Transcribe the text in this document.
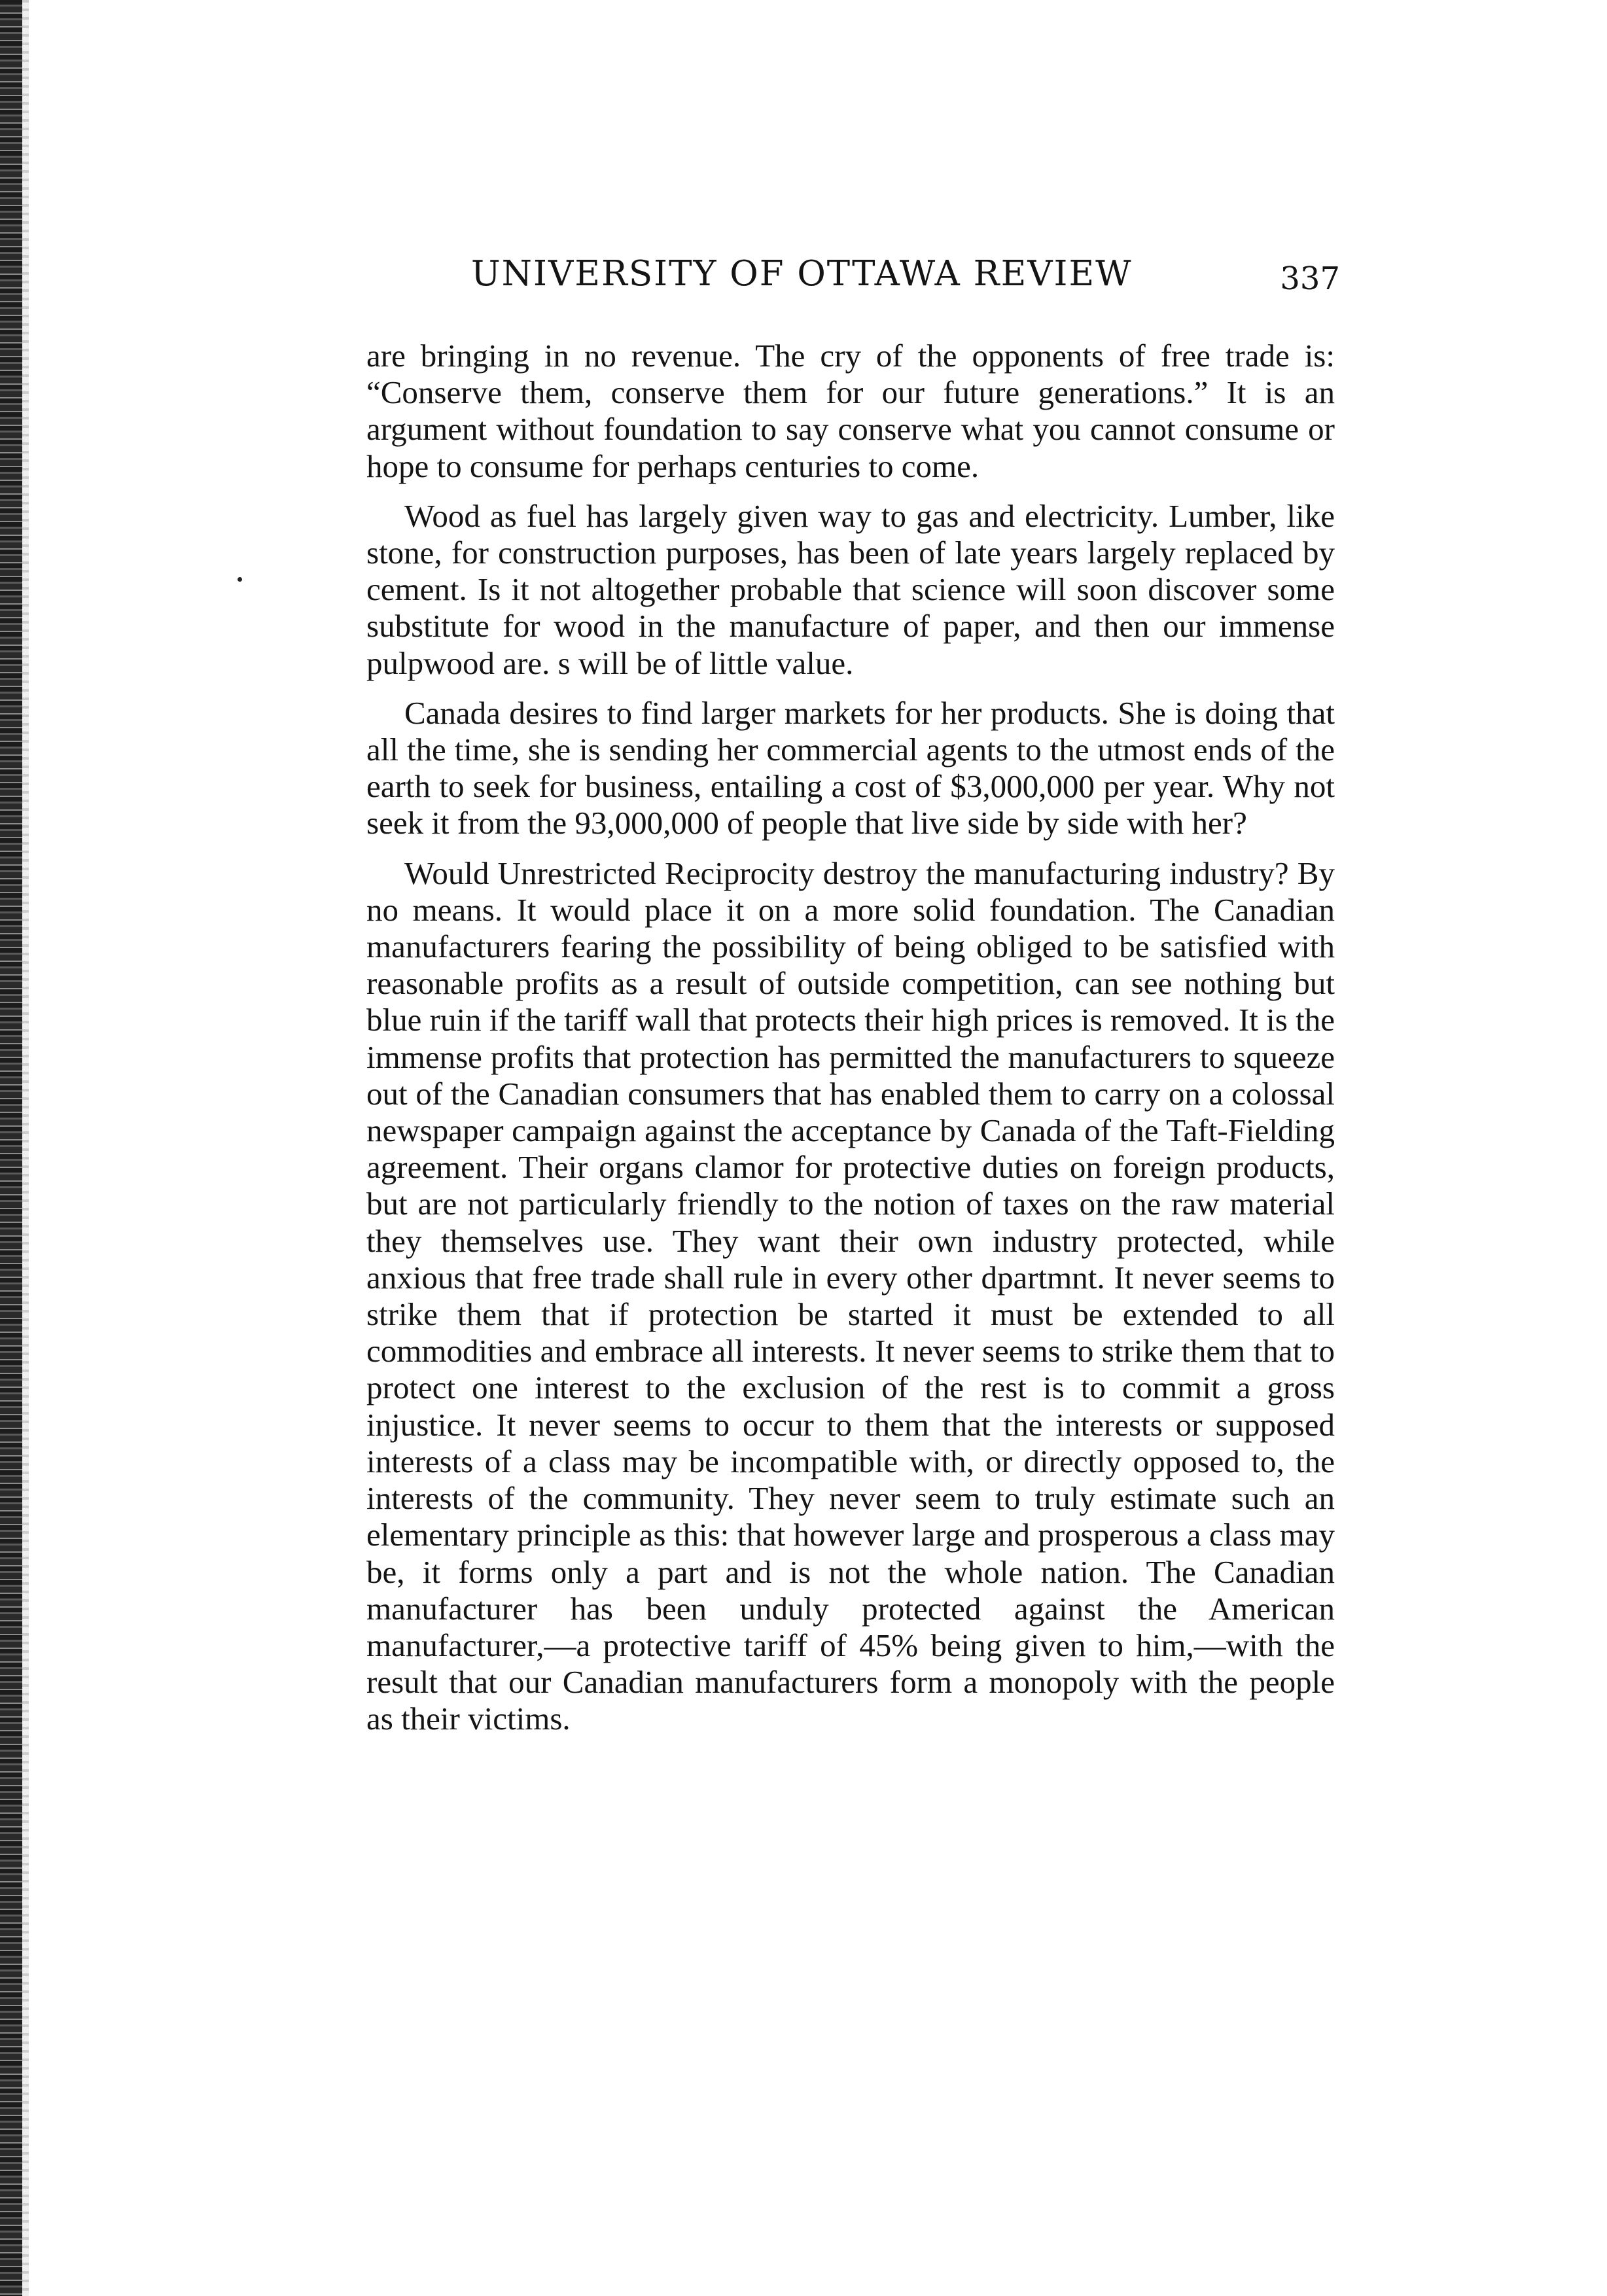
UNIVERSITY OF OTTAWA REVIEW	337

are bringing in no revenue. The cry of the opponents of free trade is: “Conserve them, conserve them for our future generations.” It is an argument without foundation to say conserve what you cannot consume or hope to consume for perhaps centuries to come.

Wood as fuel has largely given way to gas and electricity. Lumber, like stone, for construction purposes, has been of late years largely replaced by cement. Is it not altogether probable that science will soon discover some substitute for wood in the manufacture of paper, and then our immense pulpwood are. s will be of little value.

Canada desires to find larger markets for her products. She is doing that all the time, she is sending her commercial agents to the utmost ends of the earth to seek for business, entailing a cost of $3,000,000 per year. Why not seek it from the 93,000,000 of people that live side by side with her?

Would Unrestricted Reciprocity destroy the manufacturing industry? By no means. It would place it on a more solid foundation. The Canadian manufacturers fearing the possibility of being obliged to be satisfied with reasonable profits as a result of outside competition, can see nothing but blue ruin if the tariff wall that protects their high prices is removed. It is the immense profits that protection has permitted the manufacturers to squeeze out of the Canadian consumers that has enabled them to carry on a colossal newspaper campaign against the acceptance by Canada of the Taft-Fielding agreement. Their organs clamor for protective duties on foreign products, but are not particularly friendly to the notion of taxes on the raw material they themselves use. They want their own industry protected, while anxious that free trade shall rule in every other dpartmnt. It never seems to strike them that if protection be started it must be extended to all commodities and embrace all interests. It never seems to strike them that to protect one interest to the exclusion of the rest is to commit a gross injustice. It never seems to occur to them that the interests or supposed interests of a class may be incompatible with, or directly opposed to, the interests of the community. They never seem to truly estimate such an elementary principle as this: that however large and prosperous a class may be, it forms only a part and is not the whole nation. The Canadian manufacturer has been unduly protected against the American manufacturer,—a protective tariff of 45% being given to him,—with the result that our Canadian manufacturers form a monopoly with the people as their victims.
